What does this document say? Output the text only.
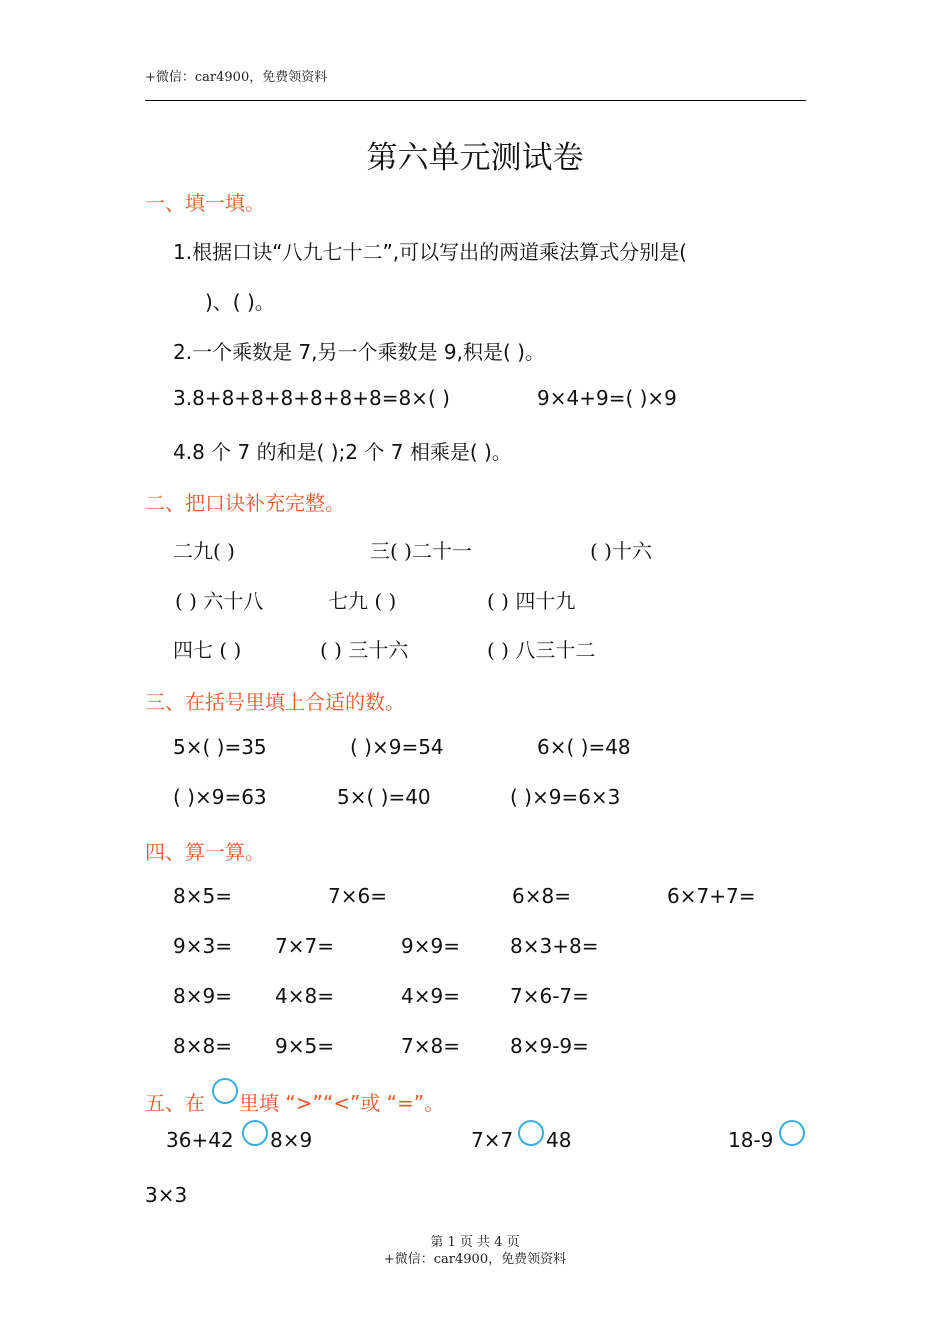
+微信：car4900，免费领资料
第六单元测试卷
一、填一填。
1.根据口诀“八九七十二”,可以写出的两道乘法算式分别是(
)、( )。
2.一个乘数是 7,另一个乘数是 9,积是( )。
3.8+8+8+8+8+8+8=8×( )	9×4+9=( )×9
4.8 个 7 的和是( );2 个 7 相乘是( )。
二、把口诀补充完整。
二九( )	三( )二十一	( )十六
( ) 六十八	七九 ( )	( ) 四十九
四七 ( )	( ) 三十六	( ) 八三十二
三、在括号里填上合适的数。
5×( )=35	( )×9=54	6×( )=48
( )×9=63	5×( )=40	( )×9=6×3
四、算一算。
8×5=	7×6=	6×8=	6×7+7=
9×3= 7×7=	9×9=	8×3+8=
8×9= 4×8=	4×9=	7×6-7=
8×8= 9×5=	7×8=	8×9-9=
五、在 里填 “>”“<”或 “=”。
36+42 8×9	7×7 48	18-9
3×3
第 1 页 共 4 页
+微信：car4900，免费领资料
